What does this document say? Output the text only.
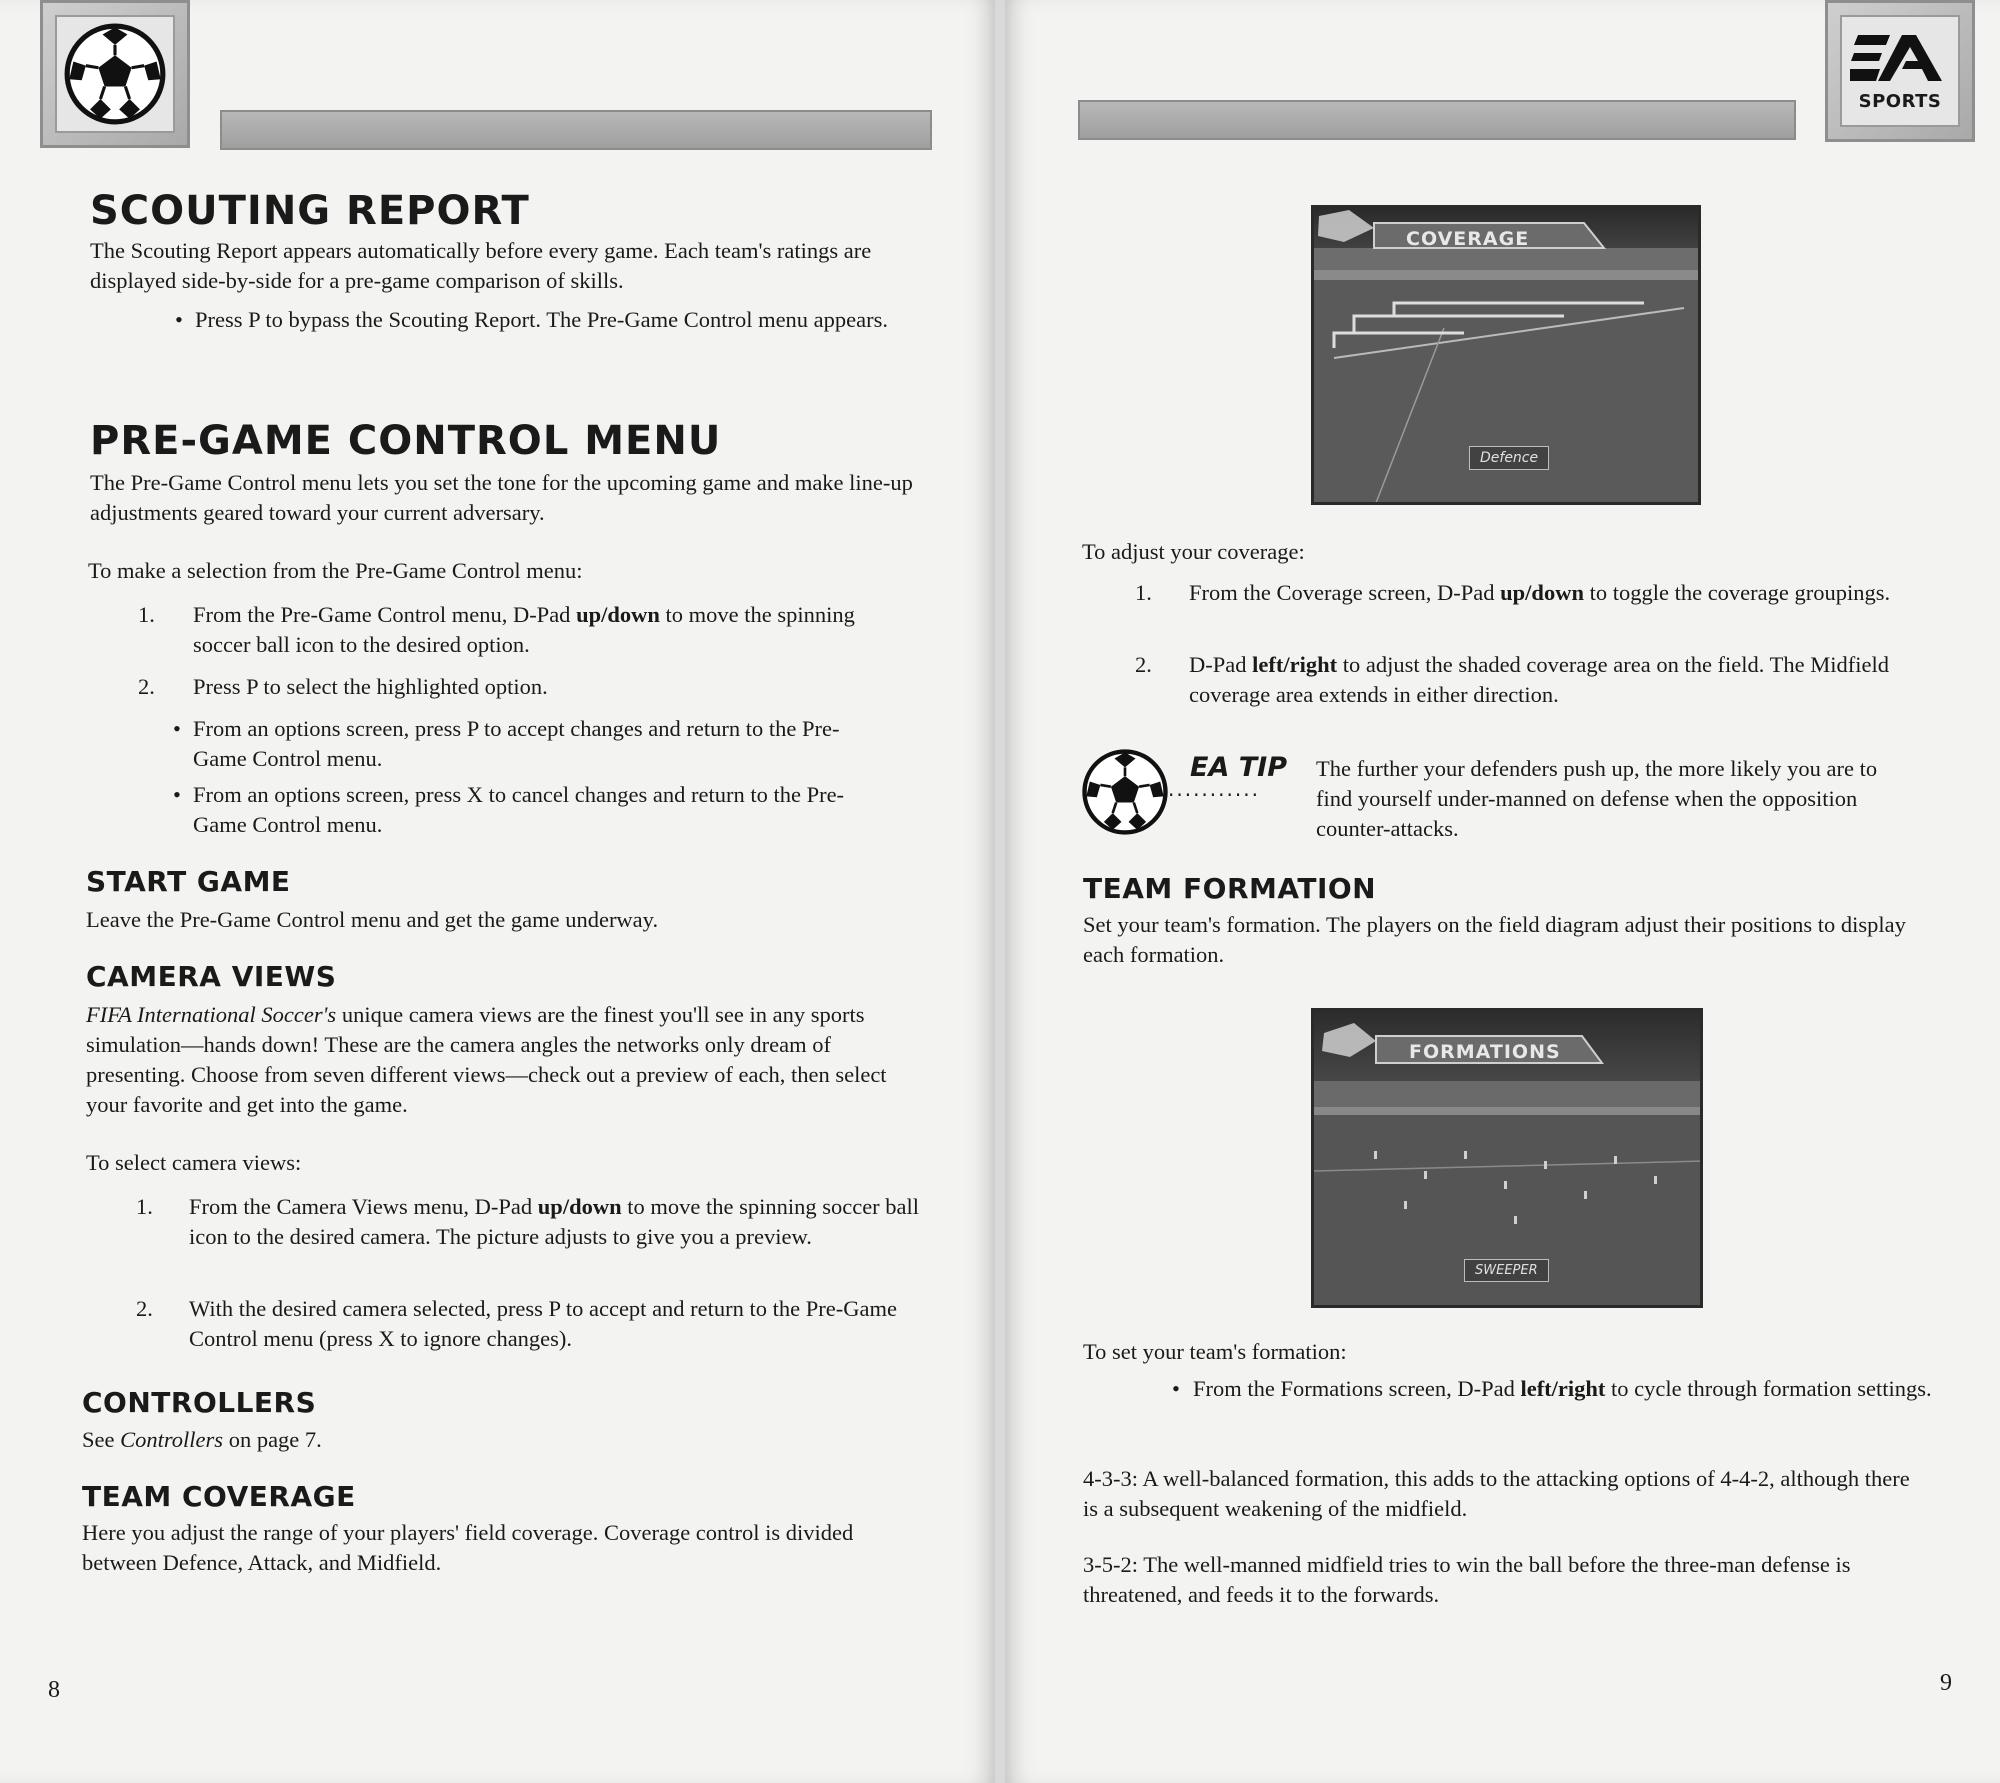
SCOUTING REPORT

The Scouting Report appears automatically before every game. Each team's ratings are displayed side-by-side for a pre-game comparison of skills.

• Press P to bypass the Scouting Report. The Pre-Game Control menu appears.
PRE-GAME CONTROL MENU

The Pre-Game Control menu lets you set the tone for the upcoming game and make line-up adjustments geared toward your current adversary.

To make a selection from the Pre-Game Control menu:

1.	From the Pre-Game Control menu, D-Pad up/down to move the spinning soccer ball icon to the desired option.
2.	Press P to select the highlighted option.
• From an options screen, press P to accept changes and return to the Pre-Game Control menu.
• From an options screen, press X to cancel changes and return to the Pre-Game Control menu.
START GAME

Leave the Pre-Game Control menu and get the game underway.

CAMERA VIEWS

FIFA International Soccer's unique camera views are the finest you'll see in any sports simulation—hands down! These are the camera angles the networks only dream of presenting. Choose from seven different views—check out a preview of each, then select your favorite and get into the game.

To select camera views:

1.	From the Camera Views menu, D-Pad up/down to move the spinning soccer ball icon to the desired camera. The picture adjusts to give you a preview.
2.	With the desired camera selected, press P to accept and return to the Pre-Game Control menu (press X to ignore changes).
CONTROLLERS

See Controllers on page 7.

TEAM COVERAGE

Here you adjust the range of your players' field coverage. Coverage control is divided between Defence, Attack, and Midfield.

8
SPORTS
COVERAGE
Defence

To adjust your coverage:

1.	From the Coverage screen, D-Pad up/down to toggle the coverage groupings.
2.	D-Pad left/right to adjust the shaded coverage area on the field. The Midfield coverage area extends in either direction.
EA TIP
...........

The further your defenders push up, the more likely you are to find yourself under-manned on defense when the opposition counter-attacks.

TEAM FORMATION

Set your team's formation. The players on the field diagram adjust their positions to display each formation.

FORMATIONS
SWEEPER

To set your team's formation:

• From the Formations screen, D-Pad left/right to cycle through formation settings.

4-3-3: A well-balanced formation, this adds to the attacking options of 4-4-2, although there is a subsequent weakening of the midfield.

3-5-2: The well-manned midfield tries to win the ball before the three-man defense is threatened, and feeds it to the forwards.

9
